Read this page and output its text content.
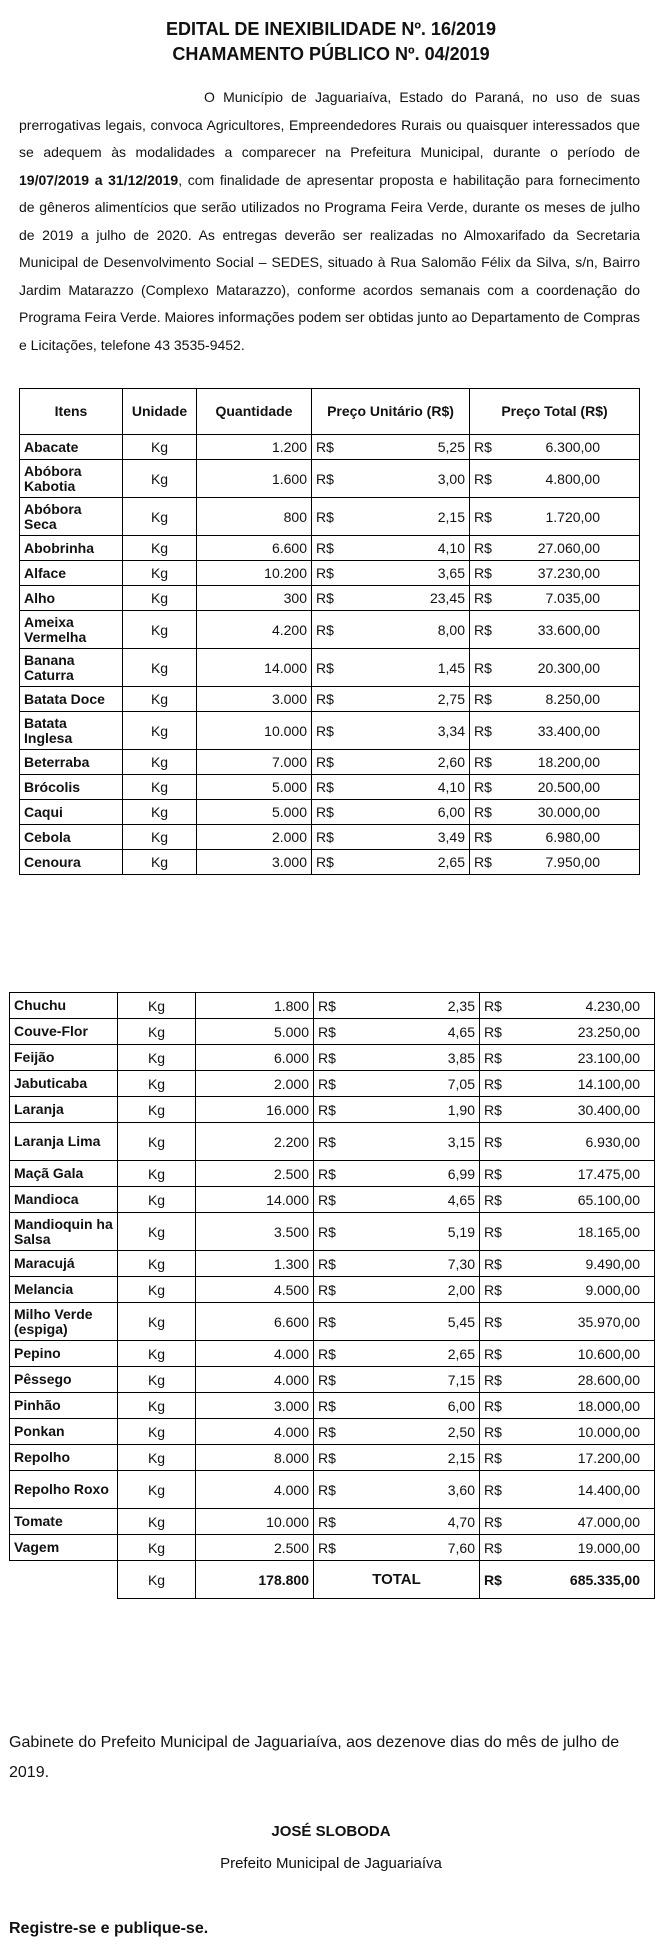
EDITAL DE INEXIBILIDADE Nº. 16/2019
CHAMAMENTO PÚBLICO Nº. 04/2019

O Município de Jaguariaíva, Estado do Paraná, no uso de suas prerrogativas legais, convoca Agricultores, Empreendedores Rurais ou quaisquer interessados que se adequem às modalidades a comparecer na Prefeitura Municipal, durante o período de 19/07/2019 a 31/12/2019, com finalidade de apresentar proposta e habilitação para fornecimento de gêneros alimentícios que serão utilizados no Programa Feira Verde, durante os meses de julho de 2019 a julho de 2020. As entregas deverão ser realizadas no Almoxarifado da Secretaria Municipal de Desenvolvimento Social – SEDES, situado à Rua Salomão Félix da Silva, s/n, Bairro Jardim Matarazzo (Complexo Matarazzo), conforme acordos semanais com a coordenação do Programa Feira Verde. Maiores informações podem ser obtidas junto ao Departamento de Compras e Licitações, telefone 43 3535-9452.

Itens	Unidade	Quantidade	Preço Unitário (R$)	Preço Total (R$)
Abacate	Kg	1.200	R$ 5,25	R$ 6.300,00

Abóbora Kabotia	Kg	1.600	R$ 3,00	R$ 4.800,00

Abóbora Seca	Kg	800	R$ 2,15	R$ 1.720,00

Abobrinha	Kg	6.600	R$ 4,10	R$ 27.060,00

Alface	Kg	10.200	R$ 3,65	R$ 37.230,00

Alho	Kg	300	R$ 23,45	R$ 7.035,00

Ameixa Vermelha	Kg	4.200	R$ 8,00	R$ 33.600,00

Banana Caturra	Kg	14.000	R$ 1,45	R$ 20.300,00

Batata Doce	Kg	3.000	R$ 2,75	R$ 8.250,00

Batata Inglesa	Kg	10.000	R$ 3,34	R$ 33.400,00

Beterraba	Kg	7.000	R$ 2,60	R$ 18.200,00

Brócolis	Kg	5.000	R$ 4,10	R$ 20.500,00

Caqui	Kg	5.000	R$ 6,00	R$ 30.000,00

Cebola	Kg	2.000	R$ 3,49	R$ 6.980,00

Cenoura	Kg	3.000	R$ 2,65	R$ 7.950,00
Chuchu	Kg	1.800	R$ 2,35	R$ 4.230,00

Couve-Flor	Kg	5.000	R$ 4,65	R$ 23.250,00

Feijão	Kg	6.000	R$ 3,85	R$ 23.100,00

Jabuticaba	Kg	2.000	R$ 7,05	R$ 14.100,00

Laranja	Kg	16.000	R$ 1,90	R$ 30.400,00

Laranja Lima	Kg	2.200	R$ 3,15	R$ 6.930,00

Maçã Gala	Kg	2.500	R$ 6,99	R$ 17.475,00

Mandioca	Kg	14.000	R$ 4,65	R$ 65.100,00

Mandioquin ha Salsa	Kg	3.500	R$ 5,19	R$ 18.165,00

Maracujá	Kg	1.300	R$ 7,30	R$ 9.490,00

Melancia	Kg	4.500	R$ 2,00	R$ 9.000,00

Milho Verde (espiga)	Kg	6.600	R$ 5,45	R$ 35.970,00

Pepino	Kg	4.000	R$ 2,65	R$ 10.600,00

Pêssego	Kg	4.000	R$ 7,15	R$ 28.600,00

Pinhão	Kg	3.000	R$ 6,00	R$ 18.000,00

Ponkan	Kg	4.000	R$ 2,50	R$ 10.000,00

Repolho	Kg	8.000	R$ 2,15	R$ 17.200,00

Repolho Roxo	Kg	4.000	R$ 3,60	R$ 14.400,00

Tomate	Kg	10.000	R$ 4,70	R$ 47.000,00

Vagem	Kg	2.500	R$ 7,60	R$ 19.000,00

	Kg	178.800	TOTAL	R$ 685.335,00

Gabinete do Prefeito Municipal de Jaguariaíva, aos dezenove dias do mês de julho de 2019.

JOSÉ SLOBODA
Prefeito Municipal de Jaguariaíva
Registre-se e publique-se.
